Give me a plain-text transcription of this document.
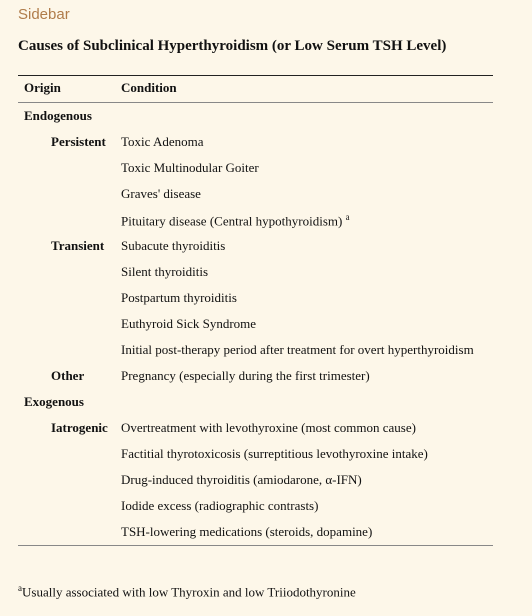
Sidebar
Causes of Subclinical Hyperthyroidism (or Low Serum TSH Level)
Origin	Condition
Endogenous
Persistent Toxic Adenoma
Toxic Multinodular Goiter
Graves' disease
Pituitary disease (Central hypothyroidism) $^a$
Transient Subacute thyroiditis
Silent thyroiditis
Postpartum thyroiditis
Euthyroid Sick Syndrome
Initial post-therapy period after treatment for overt hyperthyroidism
Other	Pregnancy (especially during the first trimester)
Exogenous
Iatrogenic Overtreatment with levothyroxine (most common cause)
Factitial thyrotoxicosis (surreptitious levothyroxine intake)
Drug-induced thyroiditis (amiodarone, α-IFN)
Iodide excess (radiographic contrasts)
TSH-lowering medications (steroids, dopamine)
$^a$Usually associated with low Thyroxin and low Triiodothyronine
